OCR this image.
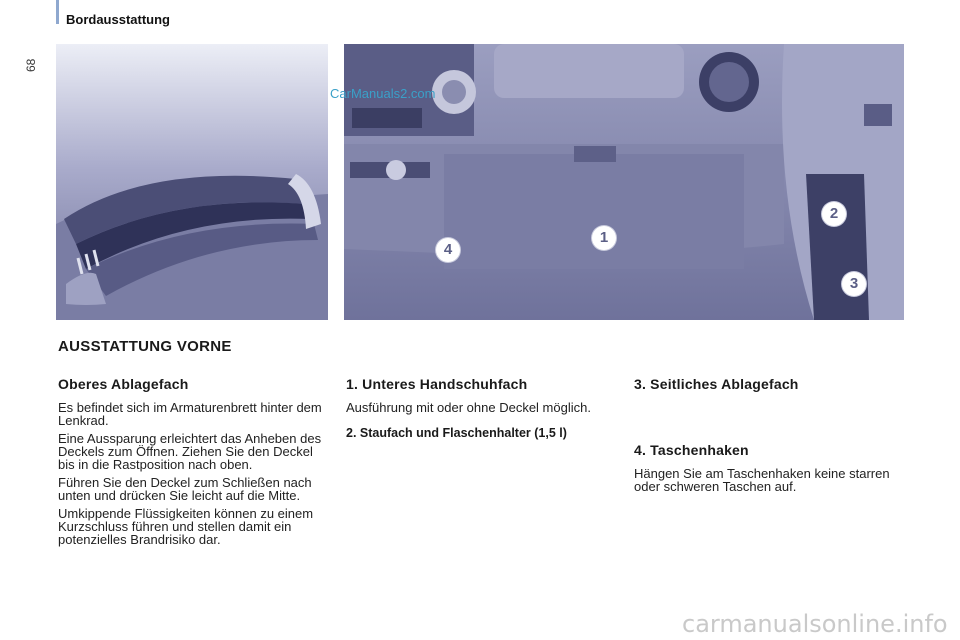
Bordausstattung
68
CarManuals2.com
1
2
3
4
AUSSTATTUNG VORNE
Oberes Ablagefach

Es befindet sich im Armaturenbrett hinter dem Lenkrad.

Eine Aussparung erleichtert das Anheben des Deckels zum Öffnen. Ziehen Sie den Deckel bis in die Rastposition nach oben.

Führen Sie den Deckel zum Schließen nach unten und drücken Sie leicht auf die Mitte.

Umkippende Flüssigkeiten können zu einem Kurzschluss führen und stellen damit ein potenzielles Brandrisiko dar.

1. Unteres Handschuhfach

Ausführung mit oder ohne Deckel möglich.

2. Staufach und Flaschenhalter (1,5 l)
3. Seitliches Ablagefach
4. Taschenhaken

Hängen Sie am Taschenhaken keine starren oder schweren Taschen auf.

carmanualsonline.info
